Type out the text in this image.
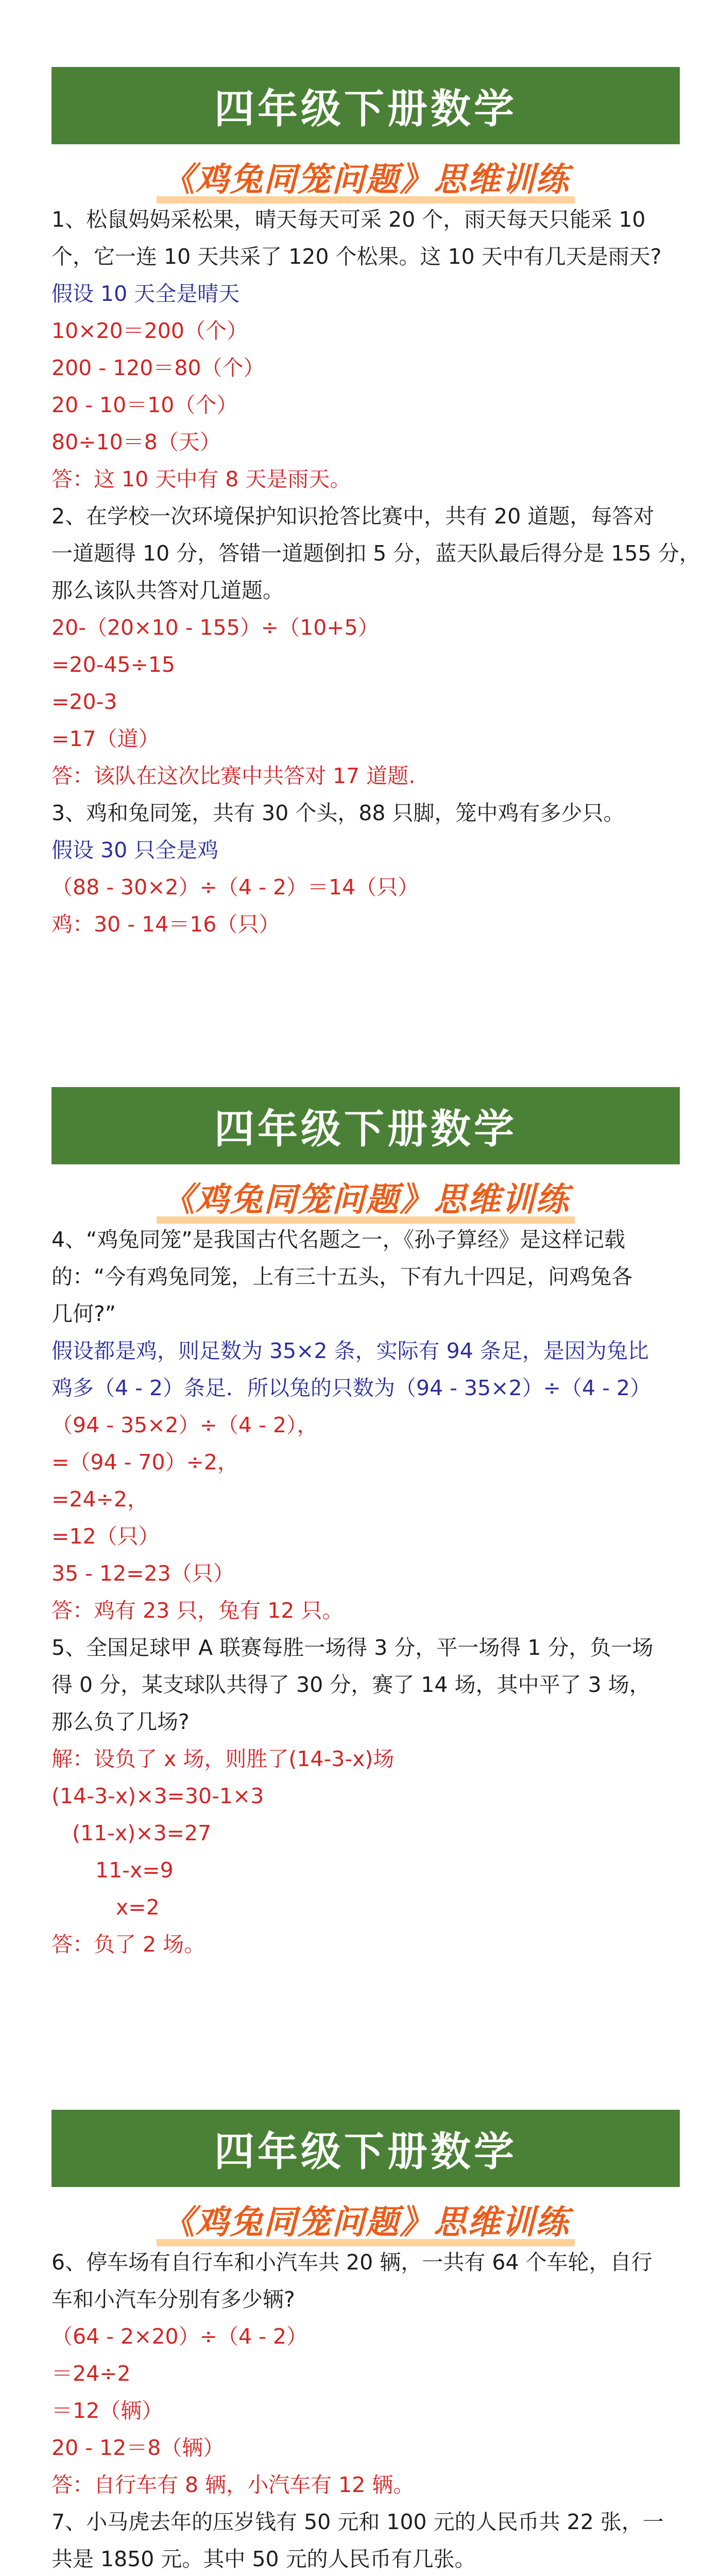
四年级下册数学
《鸡兔同笼问题》思维训练
1、松鼠妈妈采松果，晴天每天可采 20 个，雨天每天只能采 10
个，它一连 10 天共采了 120 个松果。这 10 天中有几天是雨天?
假设 10 天全是晴天
10×20＝200（个）
200 - 120＝80（个）
20 - 10＝10（个）
80÷10＝8（天）
答：这 10 天中有 8 天是雨天。
2、在学校一次环境保护知识抢答比赛中，共有 20 道题，每答对
一道题得 10 分，答错一道题倒扣 5 分，蓝天队最后得分是 155 分，
那么该队共答对几道题。
20-（20×10 - 155）÷（10+5）
=20-45÷15
=20-3
=17（道）
答：该队在这次比赛中共答对 17 道题.
3、鸡和兔同笼，共有 30 个头，88 只脚，笼中鸡有多少只。
假设 30 只全是鸡
（88 - 30×2）÷（4 - 2）＝14（只）
鸡：30 - 14＝16（只）
四年级下册数学
《鸡兔同笼问题》思维训练
4、“鸡兔同笼”是我国古代名题之一，《孙子算经》是这样记载
的：“今有鸡兔同笼，上有三十五头，下有九十四足，问鸡兔各
几何?”
假设都是鸡，则足数为 35×2 条，实际有 94 条足，是因为兔比
鸡多（4 - 2）条足．所以兔的只数为（94 - 35×2）÷（4 - 2）
（94 - 35×2）÷（4 - 2），
=（94 - 70）÷2，
=24÷2，
=12（只）
35 - 12=23（只）
答：鸡有 23 只，兔有 12 只。
5、全国足球甲 A 联赛每胜一场得 3 分，平一场得 1 分，负一场
得 0 分，某支球队共得了 30 分，赛了 14 场，其中平了 3 场，
那么负了几场?
解：设负了 x 场，则胜了(14-3-x)场
(14-3-x)×3=30-1×3
(11-x)×3=27
11-x=9
x=2
答：负了 2 场。
四年级下册数学
《鸡兔同笼问题》思维训练
6、停车场有自行车和小汽车共 20 辆，一共有 64 个车轮，自行
车和小汽车分别有多少辆?
（64 - 2×20）÷（4 - 2）
＝24÷2
＝12（辆）
20 - 12＝8（辆）
答：自行车有 8 辆，小汽车有 12 辆。
7、小马虎去年的压岁钱有 50 元和 100 元的人民币共 22 张，一
共是 1850 元。其中 50 元的人民币有几张。
